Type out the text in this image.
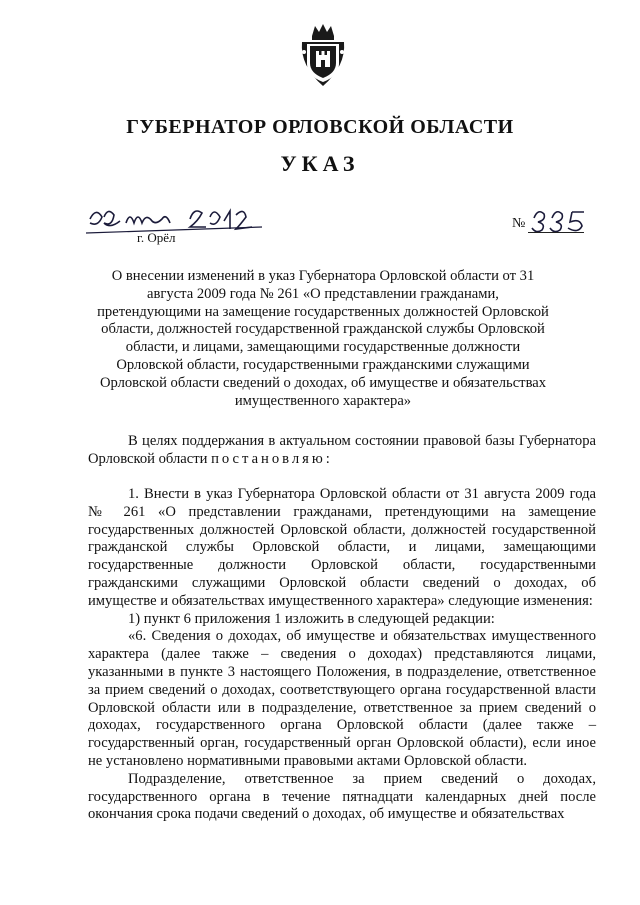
ГУБЕРНАТОР ОРЛОВСКОЙ ОБЛАСТИ
УКАЗ
г. Орёл
№
О внесении изменений в указ Губернатора Орловской области от 31 августа 2009 года № 261 «О представлении гражданами, претендующими на замещение государственных должностей Орловской области, должностей государственной гражданской службы Орловской области, и лицами, замещающими государственные должности Орловской области, государственными гражданскими служащими Орловской области сведений о доходах, об имуществе и обязательствах имущественного характера»

В целях поддержания в актуальном состоянии правовой базы Губернатора Орловской области постановляю:

1. Внести в указ Губернатора Орловской области от 31 августа 2009 года № 261 «О представлении гражданами, претендующими на замещение государственных должностей Орловской области, должностей государственной гражданской службы Орловской области, и лицами, замещающими государственные должности Орловской области, государственными гражданскими служащими Орловской области сведений о доходах, об имуществе и обязательствах имущественного характера» следующие изменения:

1) пункт 6 приложения 1 изложить в следующей редакции:

«6. Сведения о доходах, об имуществе и обязательствах имущественного характера (далее также – сведения о доходах) представляются лицами, указанными в пункте 3 настоящего Положения, в подразделение, ответственное за прием сведений о доходах, соответствующего органа государственной власти Орловской области или в подразделение, ответственное за прием сведений о доходах, государственного органа Орловской области (далее также – государственный орган, государственный орган Орловской области), если иное не установлено нормативными правовыми актами Орловской области.

Подразделение, ответственное за прием сведений о доходах, государственного органа в течение пятнадцати календарных дней после окончания срока подачи сведений о доходах, об имуществе и обязательствах
